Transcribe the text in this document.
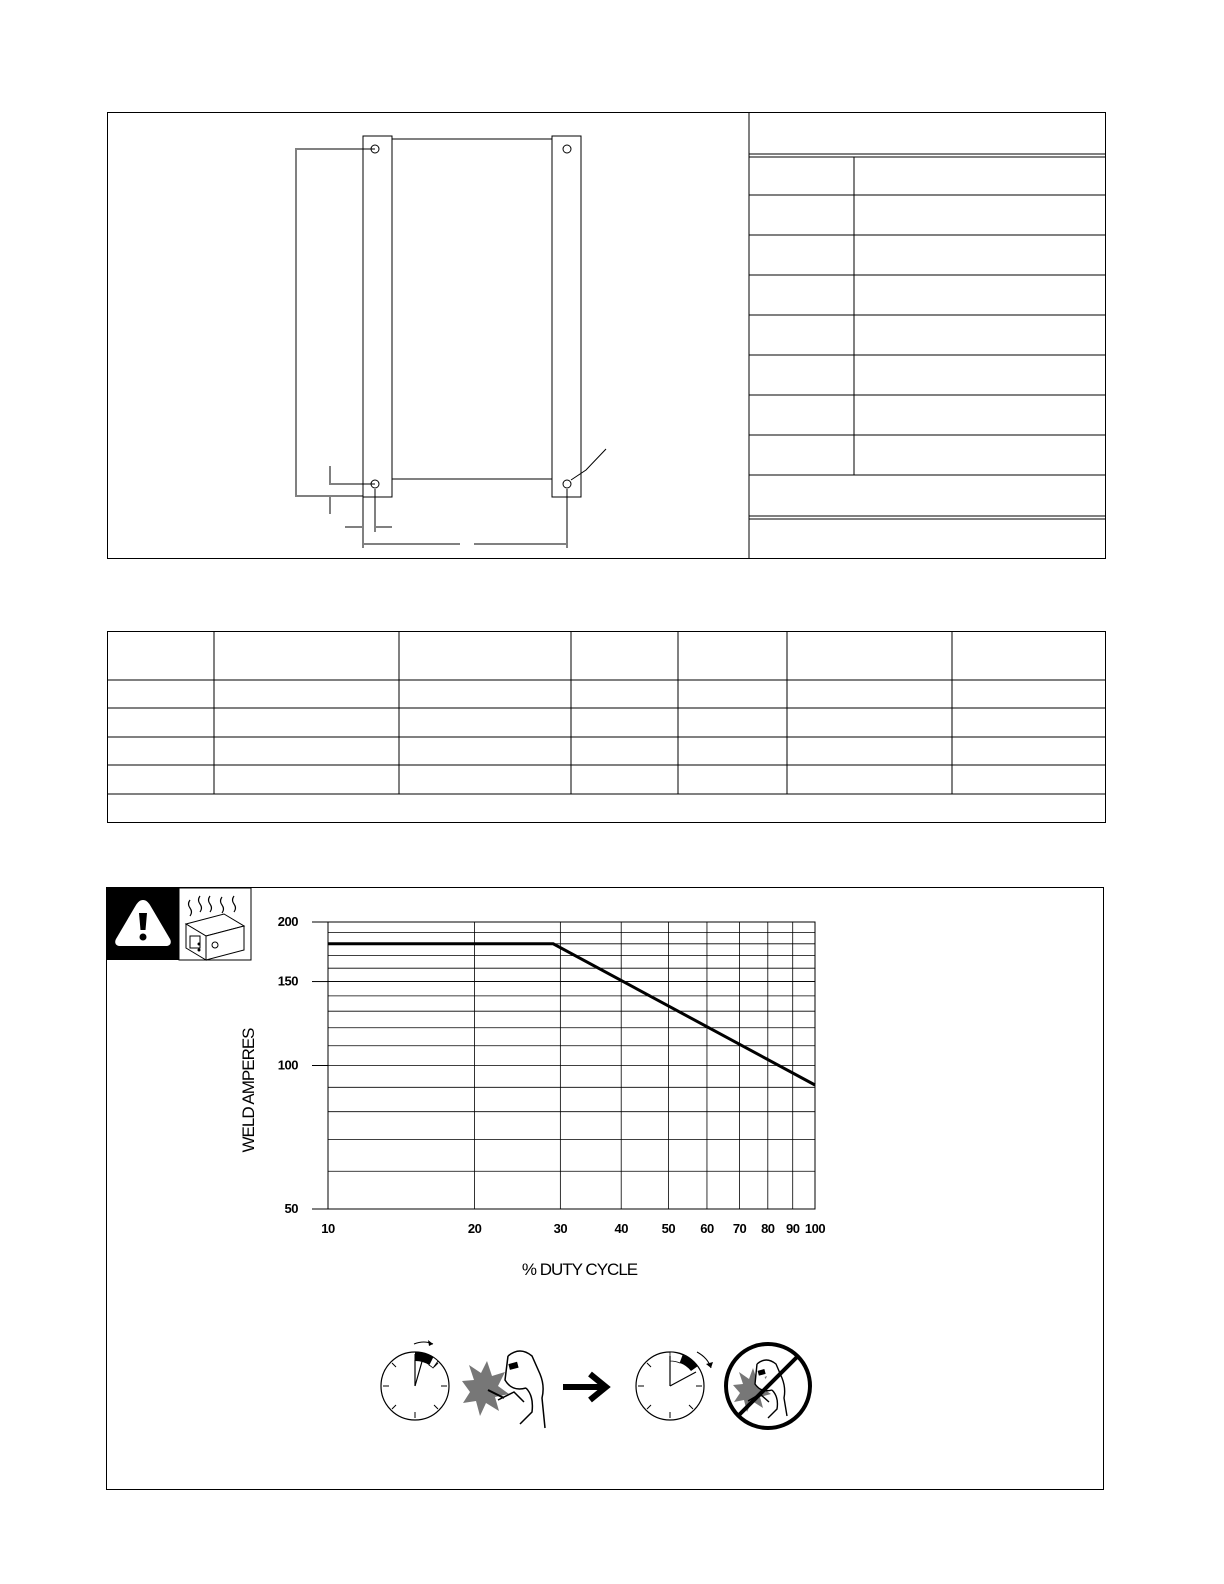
50
100
150
200
10	20	30	40	50 60 70 80 90 100
% DUTY CYCLE
WELD AMPERES
